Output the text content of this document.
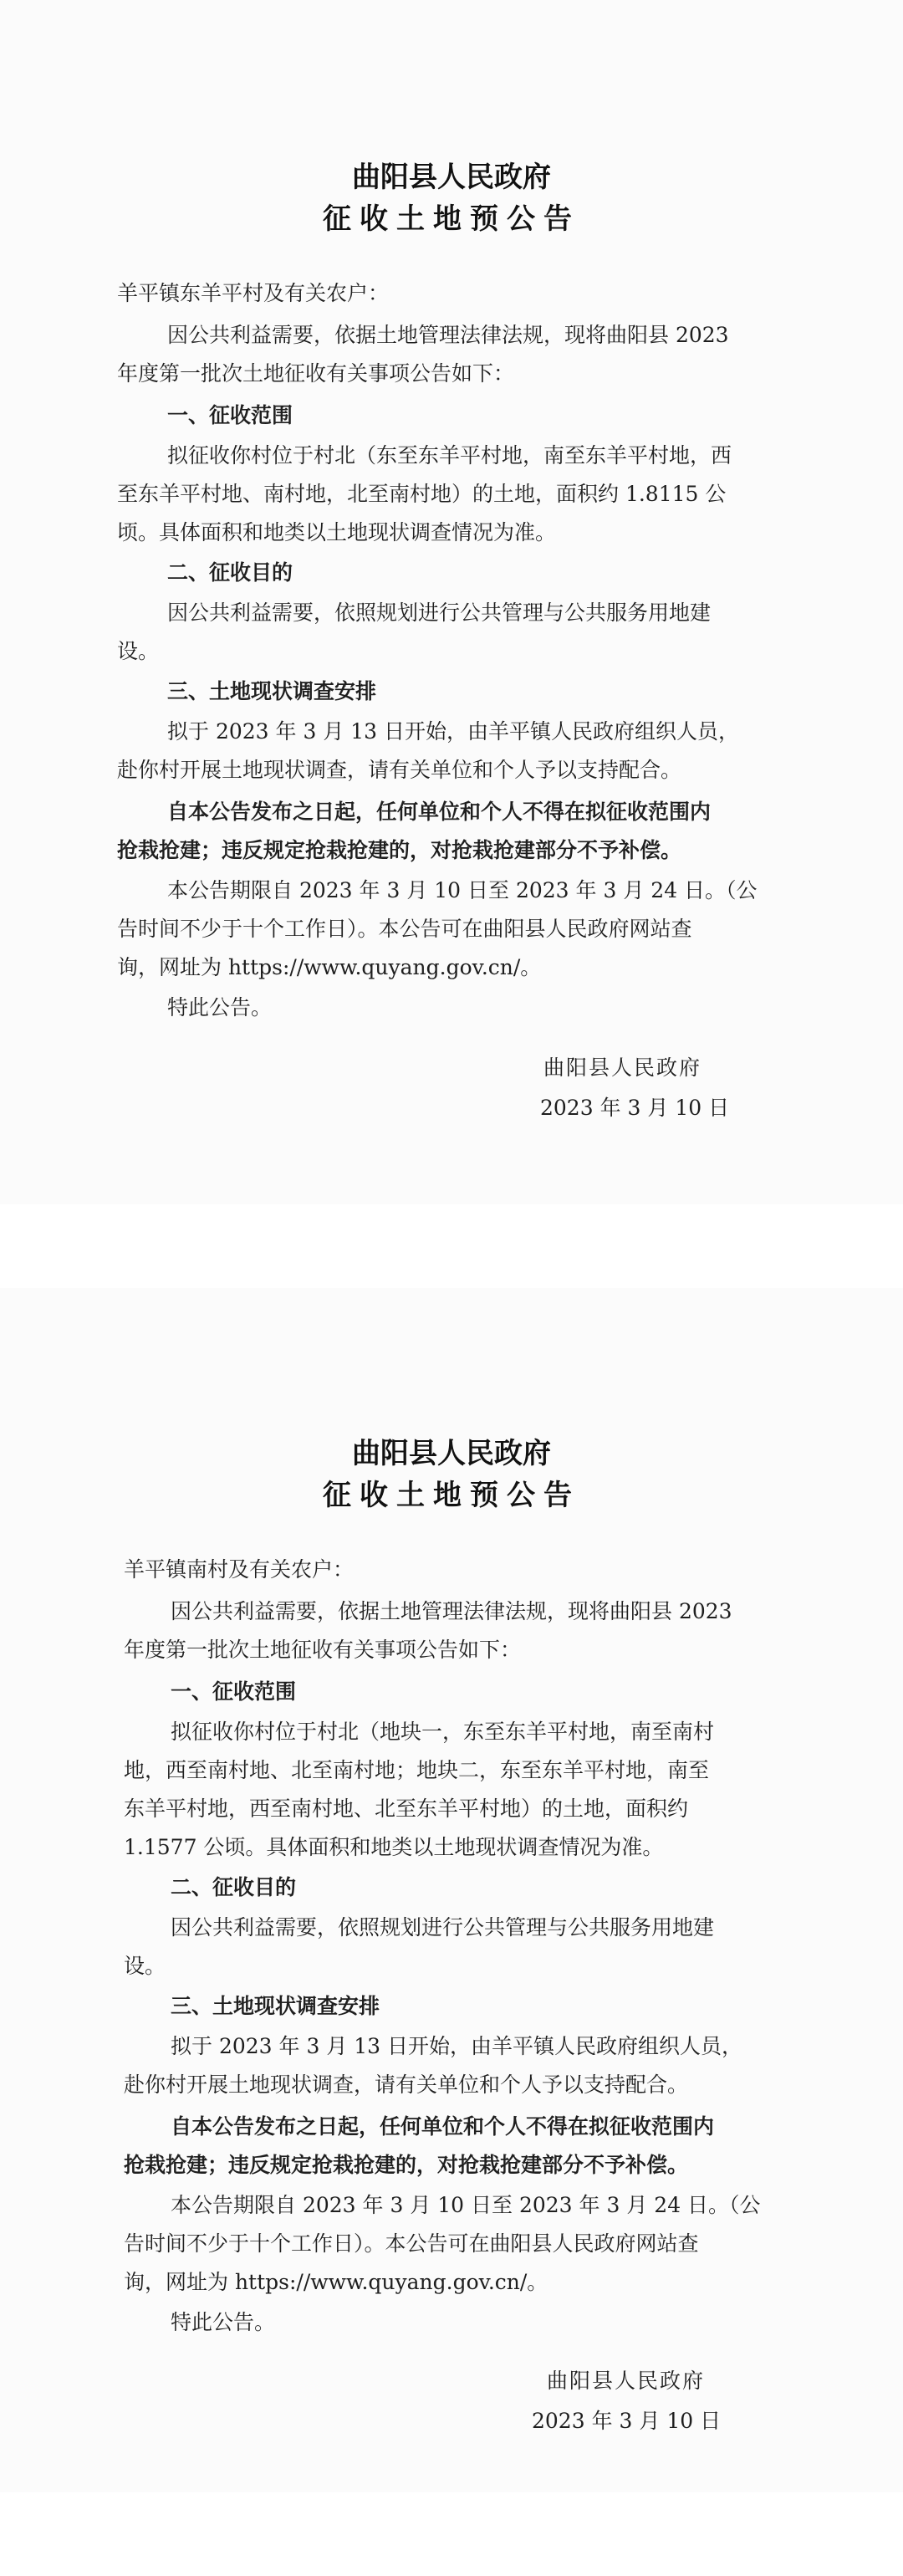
曲阳县人民政府
征收土地预公告
羊平镇东羊平村及有关农户：
因公共利益需要，依据土地管理法律法规，现将曲阳县 2023
年度第一批次土地征收有关事项公告如下：
一、征收范围
拟征收你村位于村北（东至东羊平村地，南至东羊平村地，西
至东羊平村地、南村地，北至南村地）的土地，面积约 1.8115 公
顷。具体面积和地类以土地现状调查情况为准。
二、征收目的
因公共利益需要，依照规划进行公共管理与公共服务用地建
设。
三、土地现状调查安排
拟于 2023 年 3 月 13 日开始，由羊平镇人民政府组织人员，
赴你村开展土地现状调查，请有关单位和个人予以支持配合。
自本公告发布之日起，任何单位和个人不得在拟征收范围内
抢栽抢建；违反规定抢栽抢建的，对抢栽抢建部分不予补偿。
本公告期限自 2023 年 3 月 10 日至 2023 年 3 月 24 日。（公
告时间不少于十个工作日）。本公告可在曲阳县人民政府网站查
询，网址为 https://www.quyang.gov.cn/。
特此公告。
曲阳县人民政府
2023 年 3 月 10 日
曲阳县人民政府
征收土地预公告
羊平镇南村及有关农户：
因公共利益需要，依据土地管理法律法规，现将曲阳县 2023
年度第一批次土地征收有关事项公告如下：
一、征收范围
拟征收你村位于村北（地块一，东至东羊平村地，南至南村
地，西至南村地、北至南村地；地块二，东至东羊平村地，南至
东羊平村地，西至南村地、北至东羊平村地）的土地，面积约
1.1577 公顷。具体面积和地类以土地现状调查情况为准。
二、征收目的
因公共利益需要，依照规划进行公共管理与公共服务用地建
设。
三、土地现状调查安排
拟于 2023 年 3 月 13 日开始，由羊平镇人民政府组织人员，
赴你村开展土地现状调查，请有关单位和个人予以支持配合。
自本公告发布之日起，任何单位和个人不得在拟征收范围内
抢栽抢建；违反规定抢栽抢建的，对抢栽抢建部分不予补偿。
本公告期限自 2023 年 3 月 10 日至 2023 年 3 月 24 日。（公
告时间不少于十个工作日）。本公告可在曲阳县人民政府网站查
询，网址为 https://www.quyang.gov.cn/。
特此公告。
曲阳县人民政府
2023 年 3 月 10 日
